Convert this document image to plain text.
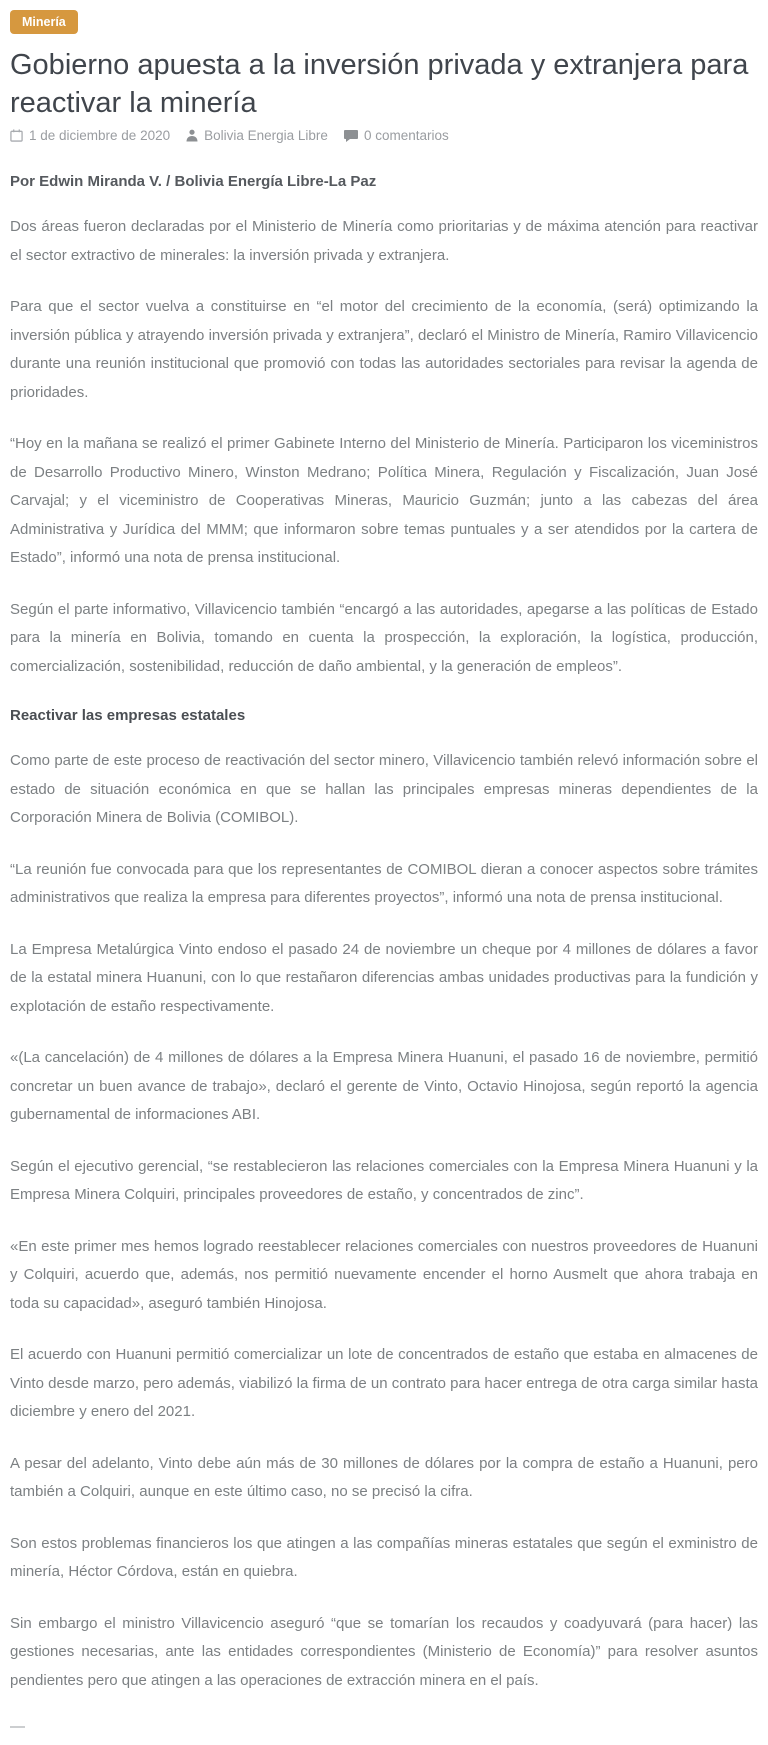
Minería
Gobierno apuesta a la inversión privada y extranjera para reactivar la minería
1 de diciembre de 2020	Bolivia Energia Libre	0 comentarios

Por Edwin Miranda V. / Bolivia Energía Libre-La Paz

Dos áreas fueron declaradas por el Ministerio de Minería como prioritarias y de máxima atención para reactivar el sector extractivo de minerales: la inversión privada y extranjera.

Para que el sector vuelva a constituirse en “el motor del crecimiento de la economía, (será) optimizando la inversión pública y atrayendo inversión privada y extranjera”, declaró el Ministro de Minería, Ramiro Villavicencio durante una reunión institucional que promovió con todas las autoridades sectoriales para revisar la agenda de prioridades.

“Hoy en la mañana se realizó el primer Gabinete Interno del Ministerio de Minería. Participaron los viceministros de Desarrollo Productivo Minero, Winston Medrano; Política Minera, Regulación y Fiscalización, Juan José Carvajal; y el viceministro de Cooperativas Mineras, Mauricio Guzmán; junto a las cabezas del área Administrativa y Jurídica del MMM; que informaron sobre temas puntuales y a ser atendidos por la cartera de Estado”, informó una nota de prensa institucional.

Según el parte informativo, Villavicencio también “encargó a las autoridades, apegarse a las políticas de Estado para la minería en Bolivia, tomando en cuenta la prospección, la exploración, la logística, producción, comercialización, sostenibilidad, reducción de daño ambiental, y la generación de empleos”.

Reactivar las empresas estatales

Como parte de este proceso de reactivación del sector minero, Villavicencio también relevó información sobre el estado de situación económica en que se hallan las principales empresas mineras dependientes de la Corporación Minera de Bolivia (COMIBOL).

“La reunión fue convocada para que los representantes de COMIBOL dieran a conocer aspectos sobre trámites administrativos que realiza la empresa para diferentes proyectos”, informó una nota de prensa institucional.

La Empresa Metalúrgica Vinto endoso el pasado 24 de noviembre un cheque por 4 millones de dólares a favor de la estatal minera Huanuni, con lo que restañaron diferencias ambas unidades productivas para la fundición y explotación de estaño respectivamente.

«(La cancelación) de 4 millones de dólares a la Empresa Minera Huanuni, el pasado 16 de noviembre, permitió concretar un buen avance de trabajo», declaró el gerente de Vinto, Octavio Hinojosa, según reportó la agencia gubernamental de informaciones ABI.

Según el ejecutivo gerencial, “se restablecieron las relaciones comerciales con la Empresa Minera Huanuni y la Empresa Minera Colquiri, principales proveedores de estaño, y concentrados de zinc”.

«En este primer mes hemos logrado reestablecer relaciones comerciales con nuestros proveedores de Huanuni y Colquiri, acuerdo que, además, nos permitió nuevamente encender el horno Ausmelt que ahora trabaja en toda su capacidad», aseguró también Hinojosa.

El acuerdo con Huanuni permitió comercializar un lote de concentrados de estaño que estaba en almacenes de Vinto desde marzo, pero además, viabilizó la firma de un contrato para hacer entrega de otra carga similar hasta diciembre y enero del 2021.

A pesar del adelanto, Vinto debe aún más de 30 millones de dólares por la compra de estaño a Huanuni, pero también a Colquiri, aunque en este último caso, no se precisó la cifra.

Son estos problemas financieros los que atingen a las compañías mineras estatales que según el exministro de minería, Héctor Córdova, están en quiebra.

Sin embargo el ministro Villavicencio aseguró “que se tomarían los recaudos y coadyuvará (para hacer) las gestiones necesarias, ante las entidades correspondientes (Ministerio de Economía)” para resolver asuntos pendientes pero que atingen a las operaciones de extracción minera en el país.

—
